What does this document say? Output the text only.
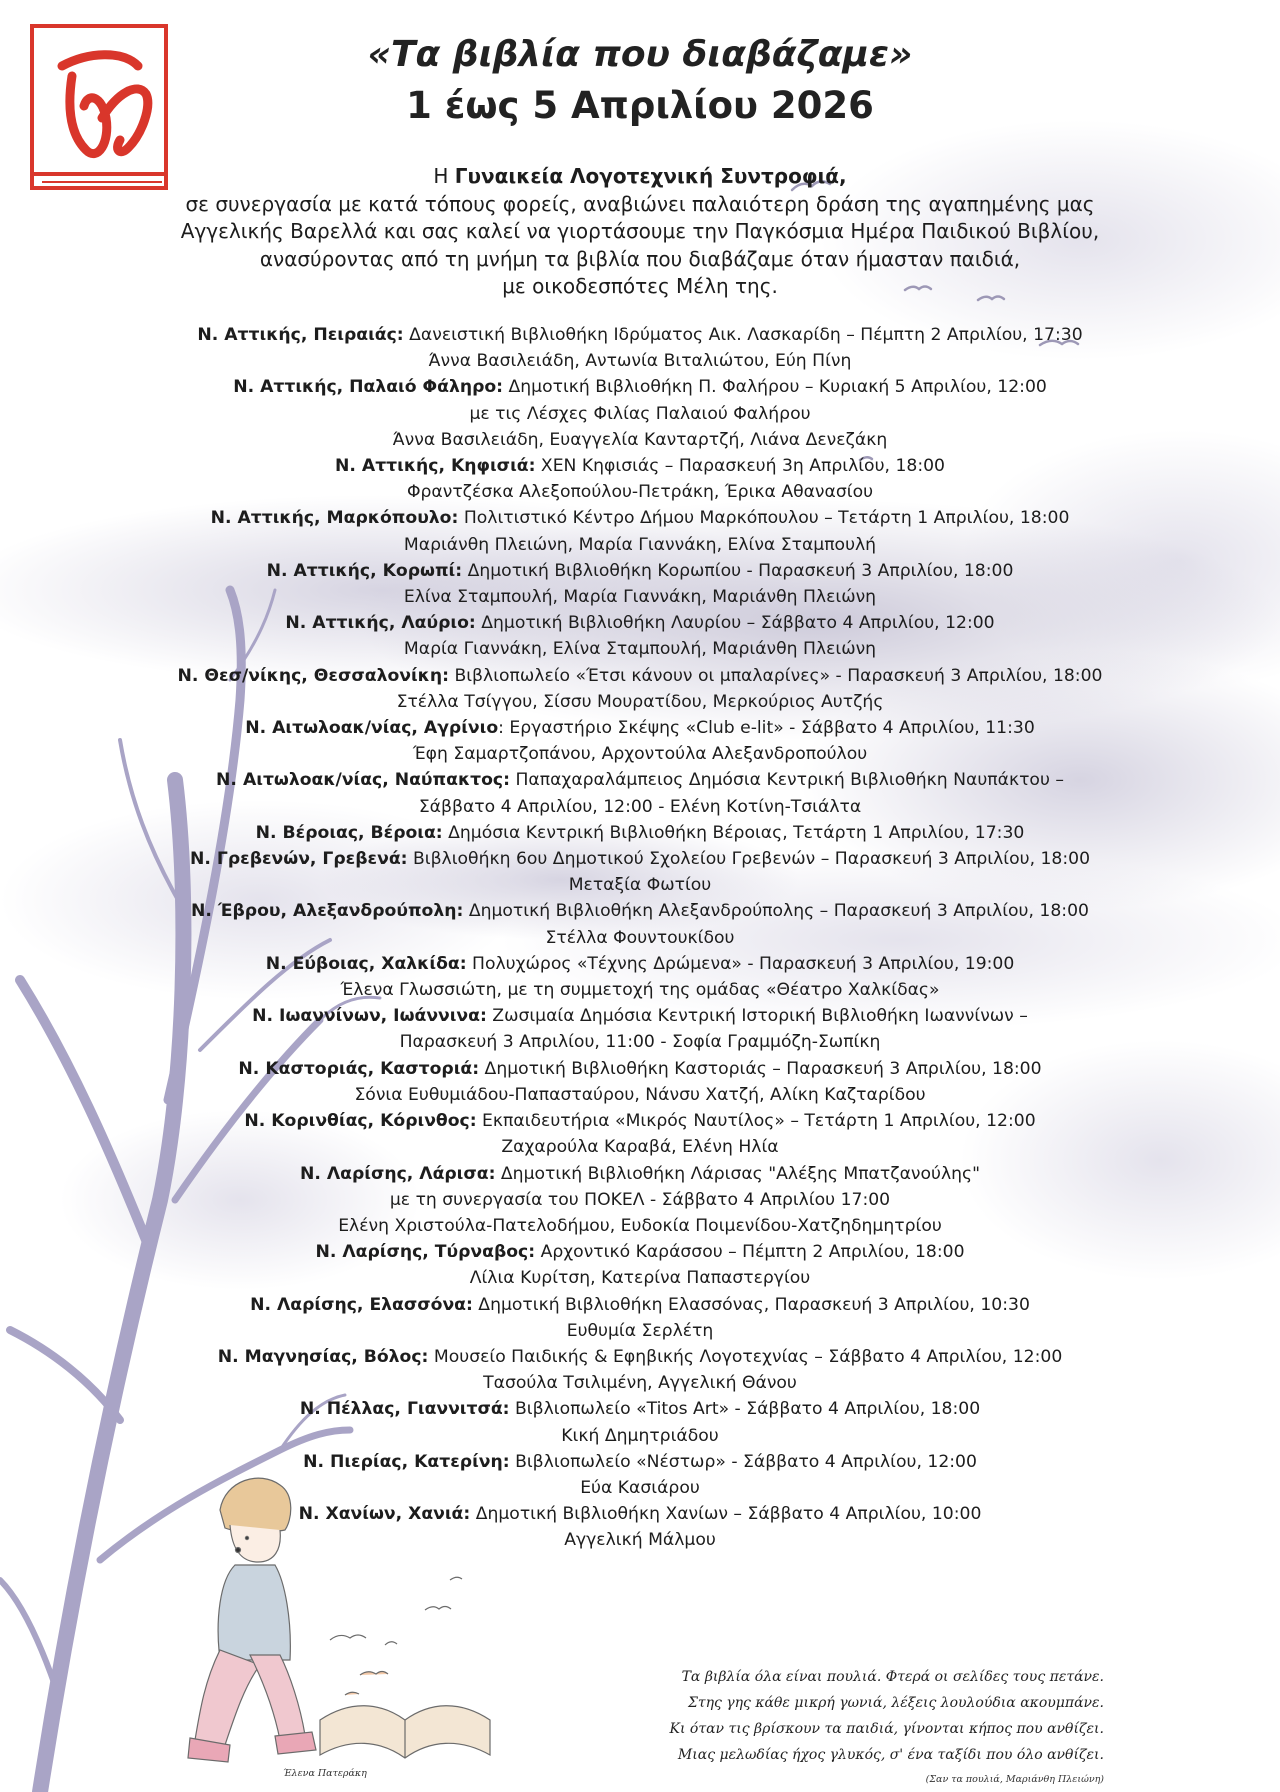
«Τα βιβλία που διαβάζαμε»
1 έως 5 Απριλίου 2026
Η Γυναικεία Λογοτεχνική Συντροφιά,
σε συνεργασία με κατά τόπους φορείς, αναβιώνει παλαιότερη δράση της αγαπημένης μας
Αγγελικής Βαρελλά και σας καλεί να γιορτάσουμε την Παγκόσμια Ημέρα Παιδικού Βιβλίου,
ανασύροντας από τη μνήμη τα βιβλία που διαβάζαμε όταν ήμασταν παιδιά,
με οικοδεσπότες Μέλη της.
Ν. Αττικής, Πειραιάς: Δανειστική Βιβλιοθήκη Ιδρύματος Αικ. Λασκαρίδη – Πέμπτη 2 Απριλίου, 17:30
Άννα Βασιλειάδη, Αντωνία Βιταλιώτου, Εύη Πίνη
Ν. Αττικής, Παλαιό Φάληρο: Δημοτική Βιβλιοθήκη Π. Φαλήρου – Κυριακή 5 Απριλίου, 12:00
με τις Λέσχες Φιλίας Παλαιού Φαλήρου
Άννα Βασιλειάδη, Ευαγγελία Κανταρτζή, Λιάνα Δενεζάκη
Ν. Αττικής, Κηφισιά: ΧΕΝ Κηφισιάς – Παρασκευή 3η Απριλίου, 18:00
Φραντζέσκα Αλεξοπούλου-Πετράκη, Έρικα Αθανασίου
Ν. Αττικής, Μαρκόπουλο: Πολιτιστικό Κέντρο Δήμου Μαρκόπουλου – Τετάρτη 1 Απριλίου, 18:00
Μαριάνθη Πλειώνη, Μαρία Γιαννάκη, Ελίνα Σταμπουλή
Ν. Αττικής, Κορωπί: Δημοτική Βιβλιοθήκη Κορωπίου - Παρασκευή 3 Απριλίου, 18:00
Ελίνα Σταμπουλή, Μαρία Γιαννάκη, Μαριάνθη Πλειώνη
Ν. Αττικής, Λαύριο: Δημοτική Βιβλιοθήκη Λαυρίου – Σάββατο 4 Απριλίου, 12:00
Μαρία Γιαννάκη, Ελίνα Σταμπουλή, Μαριάνθη Πλειώνη
Ν. Θεσ/νίκης, Θεσσαλονίκη: Βιβλιοπωλείο «Έτσι κάνουν οι μπαλαρίνες» - Παρασκευή 3 Απριλίου, 18:00
Στέλλα Τσίγγου, Σίσσυ Μουρατίδου, Μερκούριος Αυτζής
Ν. Αιτωλοακ/νίας, Αγρίνιο: Εργαστήριο Σκέψης «Club e-lit» - Σάββατο 4 Απριλίου, 11:30
Έφη Σαμαρτζοπάνου, Αρχοντούλα Αλεξανδροπούλου
Ν. Αιτωλοακ/νίας, Ναύπακτος: Παπαχαραλάμπειος Δημόσια Κεντρική Βιβλιοθήκη Ναυπάκτου –
Σάββατο 4 Απριλίου, 12:00 - Ελένη Κοτίνη-Τσιάλτα
Ν. Βέροιας, Βέροια: Δημόσια Κεντρική Βιβλιοθήκη Βέροιας, Τετάρτη 1 Απριλίου, 17:30
Ν. Γρεβενών, Γρεβενά: Βιβλιοθήκη 6ου Δημοτικού Σχολείου Γρεβενών – Παρασκευή 3 Απριλίου, 18:00
Μεταξία Φωτίου
Ν. Έβρου, Αλεξανδρούπολη: Δημοτική Βιβλιοθήκη Αλεξανδρούπολης – Παρασκευή 3 Απριλίου, 18:00
Στέλλα Φουντουκίδου
Ν. Εύβοιας, Χαλκίδα: Πολυχώρος «Τέχνης Δρώμενα» - Παρασκευή 3 Απριλίου, 19:00
Έλενα Γλωσσιώτη, με τη συμμετοχή της ομάδας «Θέατρο Χαλκίδας»
Ν. Ιωαννίνων, Ιωάννινα: Ζωσιμαία Δημόσια Κεντρική Ιστορική Βιβλιοθήκη Ιωαννίνων –
Παρασκευή 3 Απριλίου, 11:00 - Σοφία Γραμμόζη-Σωπίκη
Ν. Καστοριάς, Καστοριά: Δημοτική Βιβλιοθήκη Καστοριάς – Παρασκευή 3 Απριλίου, 18:00
Σόνια Ευθυμιάδου-Παπασταύρου, Νάνσυ Χατζή, Αλίκη Καζταρίδου
Ν. Κορινθίας, Κόρινθος: Εκπαιδευτήρια «Μικρός Ναυτίλος» – Τετάρτη 1 Απριλίου, 12:00
Ζαχαρούλα Καραβά, Ελένη Ηλία
Ν. Λαρίσης, Λάρισα: Δημοτική Βιβλιοθήκη Λάρισας "Αλέξης Μπατζανούλης"
με τη συνεργασία του ΠΟΚΕΛ - Σάββατο 4 Απριλίου 17:00
Ελένη Χριστούλα-Πατελοδήμου, Ευδοκία Ποιμενίδου-Χατζηδημητρίου
Ν. Λαρίσης, Τύρναβος: Αρχοντικό Καράσσου – Πέμπτη 2 Απριλίου, 18:00
Λίλια Κυρίτση, Κατερίνα Παπαστεργίου
Ν. Λαρίσης, Ελασσόνα: Δημοτική Βιβλιοθήκη Ελασσόνας, Παρασκευή 3 Απριλίου, 10:30
Ευθυμία Σερλέτη
Ν. Μαγνησίας, Βόλος: Μουσείο Παιδικής & Εφηβικής Λογοτεχνίας – Σάββατο 4 Απριλίου, 12:00
Τασούλα Τσιλιμένη, Αγγελική Θάνου
Ν. Πέλλας, Γιαννιτσά: Βιβλιοπωλείο «Titos Art» - Σάββατο 4 Απριλίου, 18:00
Κική Δημητριάδου
Ν. Πιερίας, Κατερίνη: Βιβλιοπωλείο «Νέστωρ» - Σάββατο 4 Απριλίου, 12:00
Εύα Κασιάρου
Ν. Χανίων, Χανιά: Δημοτική Βιβλιοθήκη Χανίων – Σάββατο 4 Απριλίου, 10:00
Αγγελική Μάλμου
Τα βιβλία όλα είναι πουλιά. Φτερά οι σελίδες τους πετάνε.
Στης γης κάθε μικρή γωνιά, λέξεις λουλούδια ακουμπάνε.
Κι όταν τις βρίσκουν τα παιδιά, γίνονται κήπος που ανθίζει.
Μιας μελωδίας ήχος γλυκός, σ' ένα ταξίδι που όλο ανθίζει.
(Σαν τα πουλιά, Μαριάνθη Πλειώνη)
Έλενα Πατεράκη
